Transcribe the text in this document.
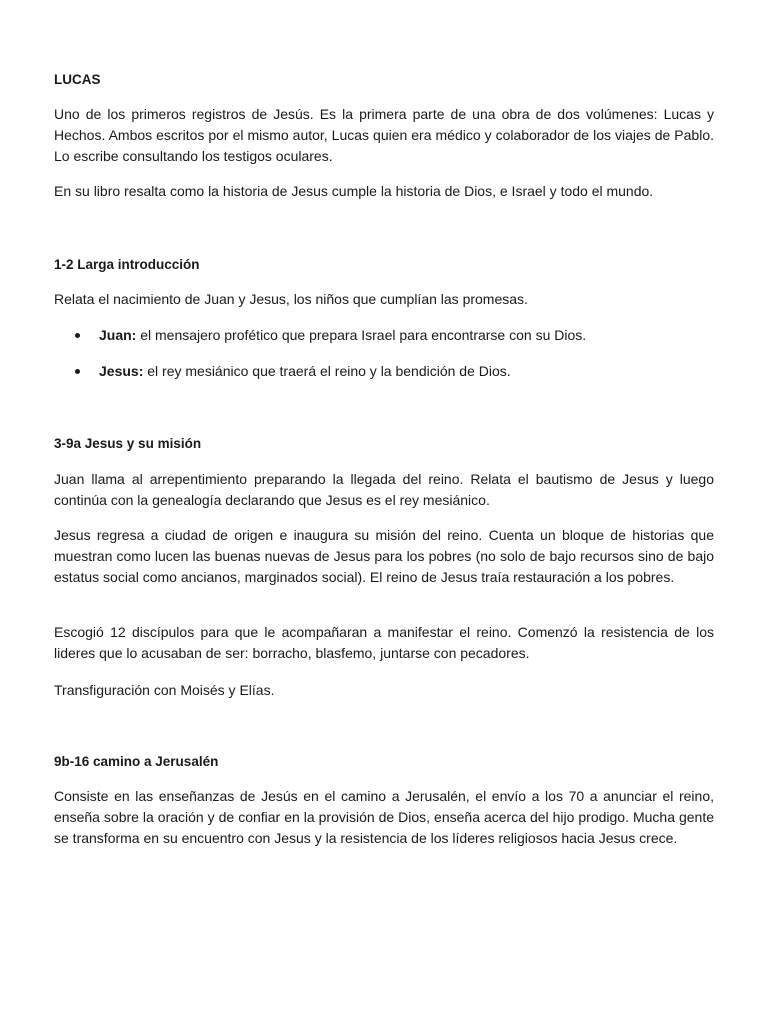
LUCAS

Uno de los primeros registros de Jesús. Es la primera parte de una obra de dos volúmenes: Lucas y Hechos. Ambos escritos por el mismo autor, Lucas quien era médico y colaborador de los viajes de Pablo. Lo escribe consultando los testigos oculares.

En su libro resalta como la historia de Jesus cumple la historia de Dios, e Israel y todo el mundo.

1-2 Larga introducción

Relata el nacimiento de Juan y Jesus, los niños que cumplían las promesas.

Juan: el mensajero profético que prepara Israel para encontrarse con su Dios.
Jesus: el rey mesiánico que traerá el reino y la bendición de Dios.

3-9a Jesus y su misión

Juan llama al arrepentimiento preparando la llegada del reino. Relata el bautismo de Jesus y luego continúa con la genealogía declarando que Jesus es el rey mesiánico.

Jesus regresa a ciudad de origen e inaugura su misión del reino. Cuenta un bloque de historias que muestran como lucen las buenas nuevas de Jesus para los pobres (no solo de bajo recursos sino de bajo estatus social como ancianos, marginados social). El reino de Jesus traía restauración a los pobres.

Escogió 12 discípulos para que le acompañaran a manifestar el reino. Comenzó la resistencia de los lideres que lo acusaban de ser: borracho, blasfemo, juntarse con pecadores.

Transfiguración con Moisés y Elías.

9b-16 camino a Jerusalén

Consiste en las enseñanzas de Jesús en el camino a Jerusalén, el envío a los 70 a anunciar el reino, enseña sobre la oración y de confiar en la provisión de Dios, enseña acerca del hijo prodigo. Mucha gente se transforma en su encuentro con Jesus y la resistencia de los líderes religiosos hacia Jesus crece.
